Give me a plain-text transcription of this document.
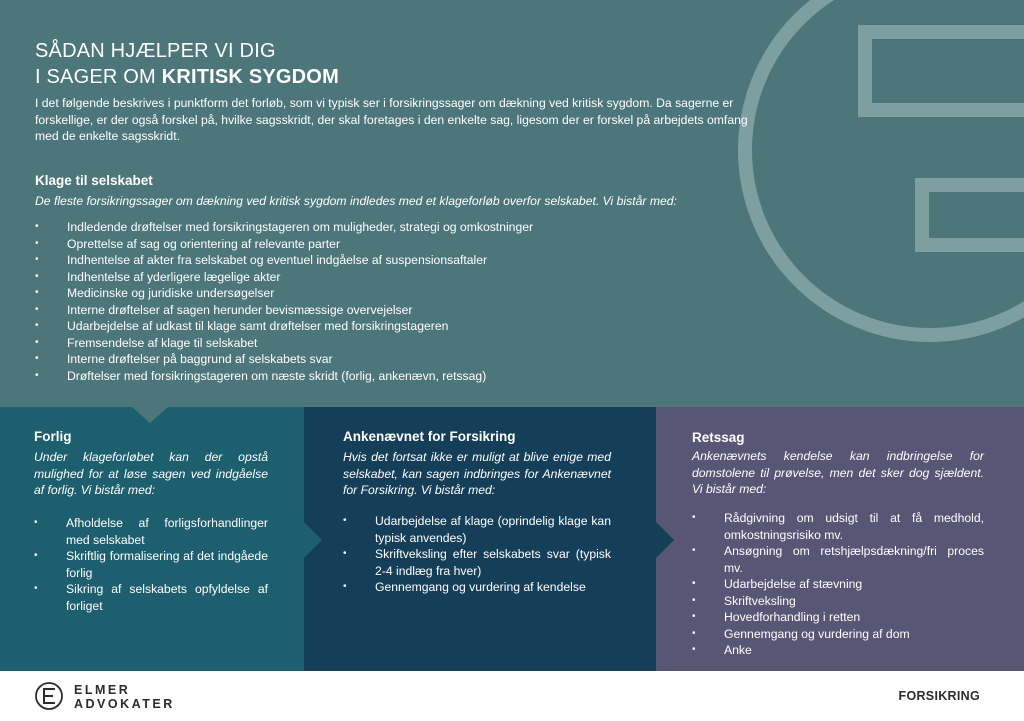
SÅDAN HJÆLPER VI DIG
I SAGER OM KRITISK SYGDOM

I det følgende beskrives i punktform det forløb, som vi typisk ser i forsikringssager om dækning ved kritisk sygdom. Da sagerne er forskellige, er der også forskel på, hvilke sagsskridt, der skal foretages i den enkelte sag, ligesom der er forskel på arbejdets omfang med de enkelte sagsskridt.

Klage til selskabet
De fleste forsikringssager om dækning ved kritisk sygdom indledes med et klageforløb overfor selskabet. Vi bistår med:
• Indledende drøftelser med forsikringstageren om muligheder, strategi og omkostninger
• Oprettelse af sag og orientering af relevante parter
• Indhentelse af akter fra selskabet og eventuel indgåelse af suspensionsaftaler
• Indhentelse af yderligere lægelige akter
• Medicinske og juridiske undersøgelser
• Interne drøftelser af sagen herunder bevismæssige overvejelser
• Udarbejdelse af udkast til klage samt drøftelser med forsikringstageren
• Fremsendelse af klage til selskabet
• Interne drøftelser på baggrund af selskabets svar
• Drøftelser med forsikringstageren om næste skridt (forlig, ankenævn, retssag)
Forlig

Under klageforløbet kan der opstå mulighed for at løse sagen ved indgåelse af forlig. Vi bistår med:

• Afholdelse af forligsforhandlinger med selskabet
• Skriftlig formalisering af det indgåede forlig
• Sikring af selskabets opfyldelse af forliget
Ankenævnet for Forsikring

Hvis det fortsat ikke er muligt at blive enige med selskabet, kan sagen indbringes for Ankenævnet for Forsikring. Vi bistår med:

• Udarbejdelse af klage (oprindelig klage kan typisk anvendes)
• Skriftveksling efter selskabets svar (typisk 2-4 indlæg fra hver)
• Gennemgang og vurdering af kendelse
Retssag

Ankenævnets kendelse kan indbringelse for domstolene til prøvelse, men det sker dog sjældent. Vi bistår med:

• Rådgivning om udsigt til at få medhold, omkostningsrisiko mv.
• Ansøgning om retshjælpsdækning/fri proces mv.
• Udarbejdelse af stævning
• Skriftveksling
• Hovedforhandling i retten
• Gennemgang og vurdering af dom
• Anke
ELMER
ADVOKATER
FORSIKRING
